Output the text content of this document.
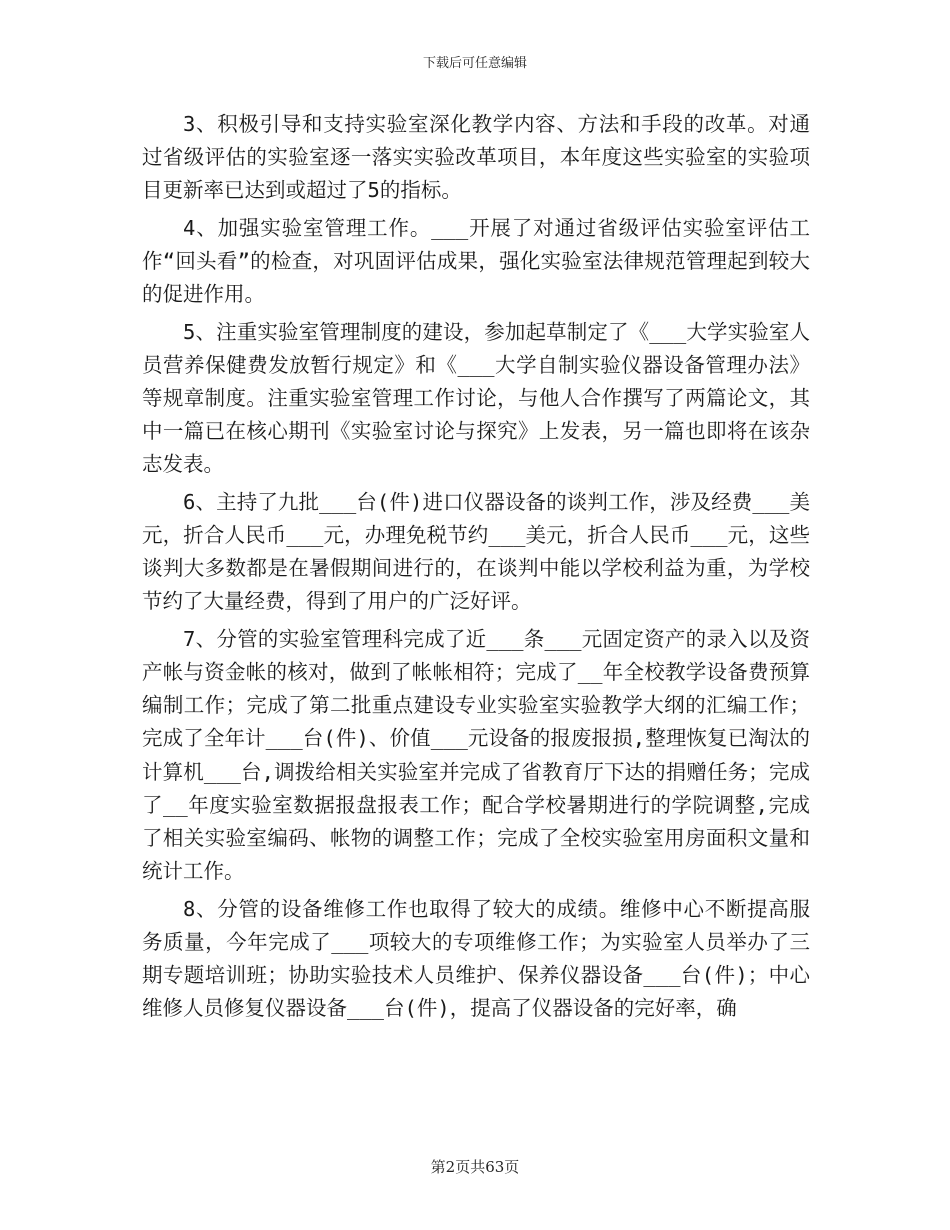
下载后可任意编辑

3、积极引导和支持实验室深化教学内容、方法和手段的改革。对通过省级评估的实验室逐一落实实验改革项目，本年度这些实验室的实验项目更新率已达到或超过了5的指标。

4、加强实验室管理工作。___开展了对通过省级评估实验室评估工作“回头看”的检查，对巩固评估成果，强化实验室法律规范管理起到较大的促进作用。

5、注重实验室管理制度的建设，参加起草制定了《___大学实验室人员营养保健费发放暂行规定》和《___大学自制实验仪器设备管理办法》等规章制度。注重实验室管理工作讨论，与他人合作撰写了两篇论文，其中一篇已在核心期刊《实验室讨论与探究》上发表，另一篇也即将在该杂志发表。

6、主持了九批___台(件)进口仪器设备的谈判工作，涉及经费___美元，折合人民币___元，办理免税节约___美元，折合人民币___元，这些谈判大多数都是在暑假期间进行的，在谈判中能以学校利益为重，为学校节约了大量经费，得到了用户的广泛好评。

7、分管的实验室管理科完成了近___条___元固定资产的录入以及资产帐与资金帐的核对，做到了帐帐相符；完成了__年全校教学设备费预算编制工作；完成了第二批重点建设专业实验室实验教学大纲的汇编工作；完成了全年计___台(件)、价值___元设备的报废报损,整理恢复已淘汰的计算机___台,调拨给相关实验室并完成了省教育厅下达的捐赠任务；完成了__年度实验室数据报盘报表工作；配合学校暑期进行的学院调整,完成了相关实验室编码、帐物的调整工作；完成了全校实验室用房面积文量和统计工作。

8、分管的设备维修工作也取得了较大的成绩。维修中心不断提高服务质量，今年完成了___项较大的专项维修工作；为实验室人员举办了三期专题培训班；协助实验技术人员维护、保养仪器设备___台(件)；中心维修人员修复仪器设备___台(件)，提高了仪器设备的完好率，确

第2页共63页
